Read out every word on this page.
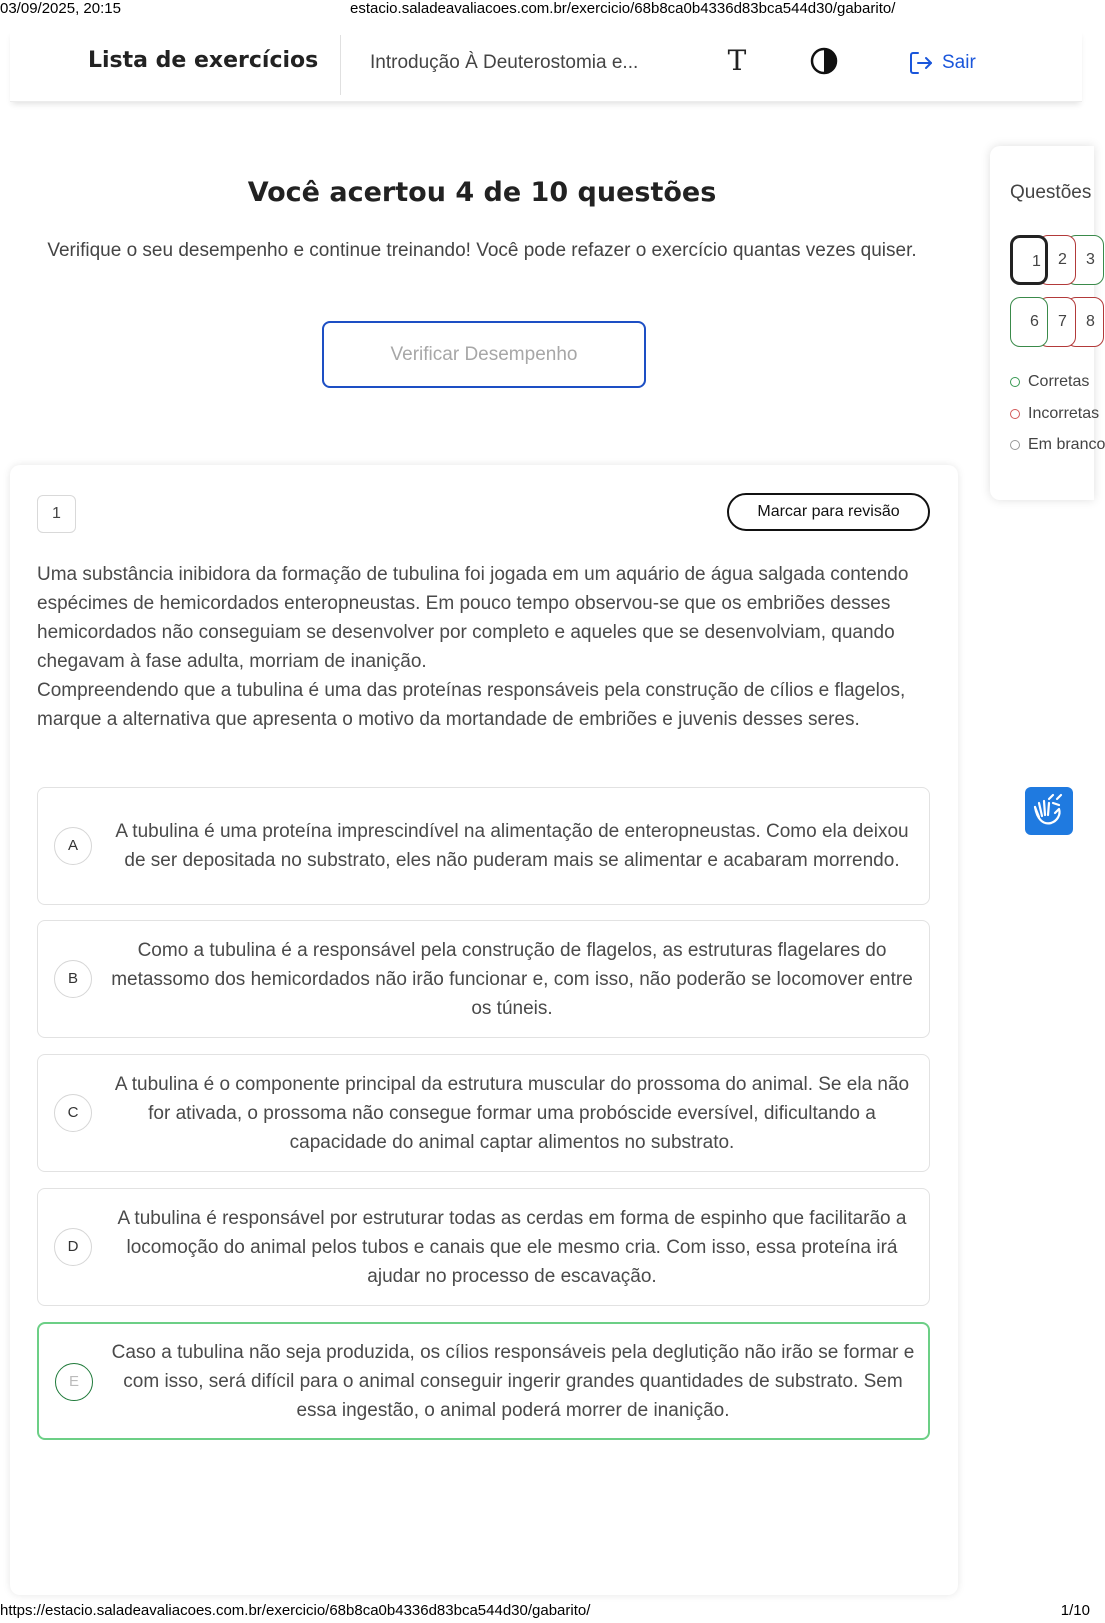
03/09/2025, 20:15	estacio.saladeavaliacoes.com.br/exercicio/68b8ca0b4336d83bca544d30/gabarito/
Lista de exercícios	Introdução À Deuterostomia e...	T	Sair
Você acertou 4 de 10 questões
Verifique o seu desempenho e continue treinando! Você pode refazer o exercício quantas vezes quiser.
Verificar Desempenho
1	Marcar para revisão

Uma substância inibidora da formação de tubulina foi jogada em um aquário de água salgada contendo espécimes de hemicordados enteropneustas. Em pouco tempo observou-se que os embriões desses hemicordados não conseguiam se desenvolver por completo e aqueles que se desenvolviam, quando chegavam à fase adulta, morriam de inanição.

Compreendendo que a tubulina é uma das proteínas responsáveis pela construção de cílios e flagelos, marque a alternativa que apresenta o motivo da mortandade de embriões e juvenis desses seres.

A
A tubulina é uma proteína imprescindível na alimentação de enteropneustas. Como ela deixou de ser depositada no substrato, eles não puderam mais se alimentar e acabaram morrendo.
B
Como a tubulina é a responsável pela construção de flagelos, as estruturas flagelares do metassomo dos hemicordados não irão funcionar e, com isso, não poderão se locomover entre os túneis.
C
A tubulina é o componente principal da estrutura muscular do prossoma do animal. Se ela não for ativada, o prossoma não consegue formar uma probóscide eversível, dificultando a capacidade do animal captar alimentos no substrato.
D
A tubulina é responsável por estruturar todas as cerdas em forma de espinho que facilitarão a locomoção do animal pelos tubos e canais que ele mesmo cria. Com isso, essa proteína irá ajudar no processo de escavação.
E
Caso a tubulina não seja produzida, os cílios responsáveis pela deglutição não irão se formar e com isso, será difícil para o animal conseguir ingerir grandes quantidades de substrato. Sem essa ingestão, o animal poderá morrer de inanição.
Questões
3
2
1
8
7
6
Corretas
Incorretas
Em branco
https://estacio.saladeavaliacoes.com.br/exercicio/68b8ca0b4336d83bca544d30/gabarito/	1/10
